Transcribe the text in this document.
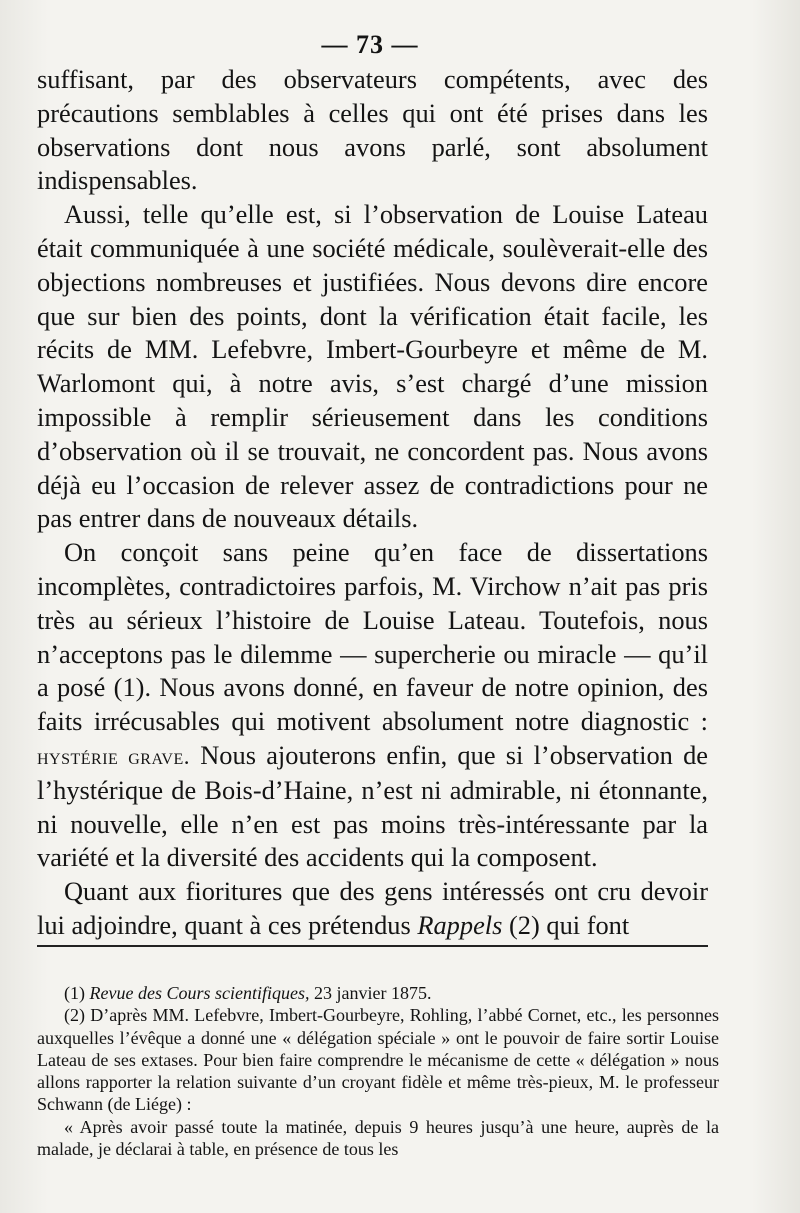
— 73 —

suffisant, par des observateurs compétents, avec des précautions semblables à celles qui ont été prises dans les observations dont nous avons parlé, sont absolument indispensables.

Aussi, telle qu’elle est, si l’observation de Louise Lateau était communiquée à une société médicale, soulèverait-elle des objections nombreuses et justifiées. Nous devons dire encore que sur bien des points, dont la vérification était facile, les récits de MM. Lefebvre, Imbert-Gourbeyre et même de M. Warlomont qui, à notre avis, s’est chargé d’une mission impossible à remplir sérieusement dans les conditions d’observation où il se trouvait, ne concordent pas. Nous avons déjà eu l’occasion de relever assez de contradictions pour ne pas entrer dans de nouveaux détails.

On conçoit sans peine qu’en face de dissertations incomplètes, contradictoires parfois, M. Virchow n’ait pas pris très au sérieux l’histoire de Louise Lateau. Toutefois, nous n’acceptons pas le dilemme — supercherie ou miracle — qu’il a posé (1). Nous avons donné, en faveur de notre opinion, des faits irrécusables qui motivent absolument notre diagnostic : hystérie grave. Nous ajouterons enfin, que si l’observation de l’hystérique de Bois-d’Haine, n’est ni admirable, ni étonnante, ni nouvelle, elle n’en est pas moins très-intéressante par la variété et la diversité des accidents qui la composent.

Quant aux fioritures que des gens intéressés ont cru devoir lui adjoindre, quant à ces prétendus Rappels (2) qui font

(1) Revue des Cours scientifiques, 23 janvier 1875.

(2) D’après MM. Lefebvre, Imbert-Gourbeyre, Rohling, l’abbé Cornet, etc., les personnes auxquelles l’évêque a donné une « délégation spéciale » ont le pouvoir de faire sortir Louise Lateau de ses extases. Pour bien faire comprendre le mécanisme de cette « délégation » nous allons rapporter la relation suivante d’un croyant fidèle et même très-pieux, M. le professeur Schwann (de Liége) :

« Après avoir passé toute la matinée, depuis 9 heures jusqu’à une heure, auprès de la malade, je déclarai à table, en présence de tous les
